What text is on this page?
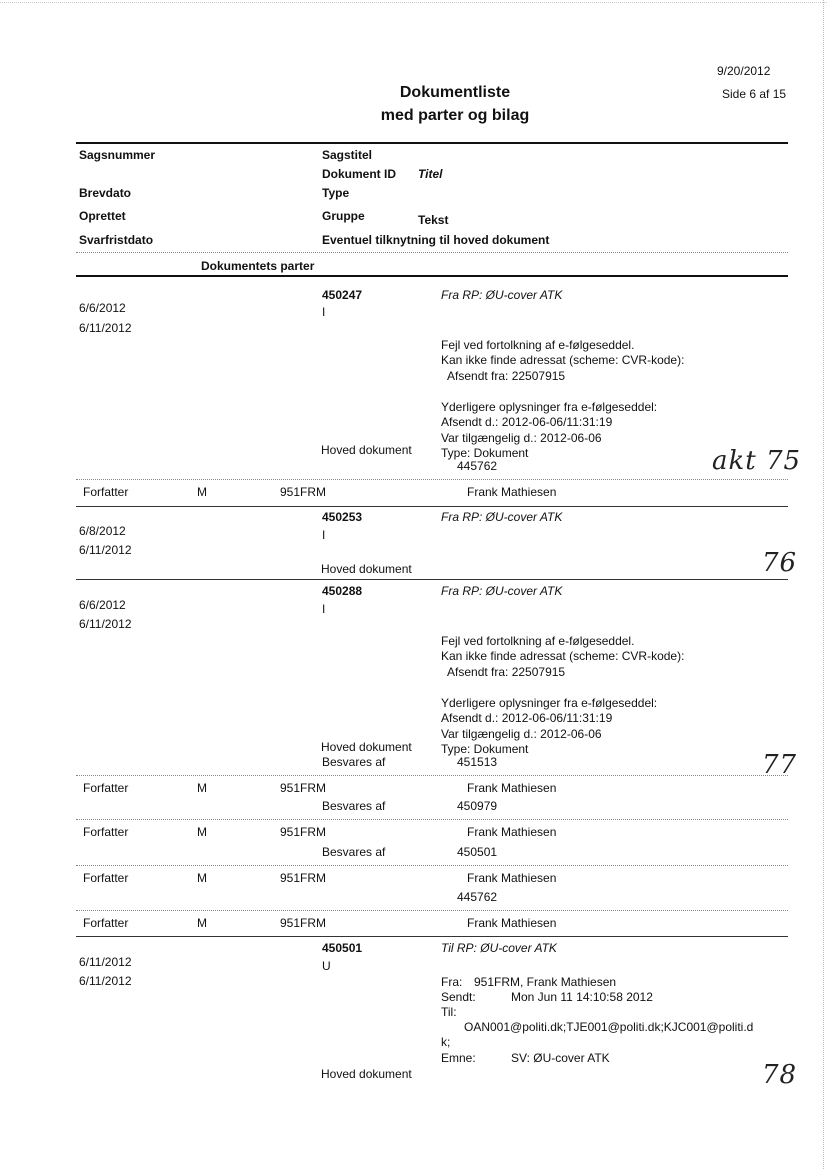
9/20/2012
Side 6 af 15
Dokumentliste
med parter og bilag
Sagsnummer	Sagstitel
Dokument ID Titel
Brevdato	Type
Oprettet	Gruppe	Tekst
Svarfristdato	Eventuel tilknytning til hoved dokument
Dokumentets parter
450247	Fra RP: ØU-cover ATK
6/6/2012	I
6/11/2012

Fejl ved fortolkning af e-følgeseddel.
Kan ikke finde adressat (scheme: CVR-kode):
Afsendt fra: 22507915
Yderligere oplysninger fra e-følgeseddel:
Afsendt d.: 2012-06-06/11:31:19
Var tilgængelig d.: 2012-06-06
Type: Dokument

Hoved dokument
445762	akt 75
Forfatter	M	951FRM	Frank Mathiesen
450253	Fra RP: ØU-cover ATK
6/8/2012	I
6/11/2012
Hoved dokument	76
450288	Fra RP: ØU-cover ATK
6/6/2012	I
6/11/2012

Fejl ved fortolkning af e-følgeseddel.
Kan ikke finde adressat (scheme: CVR-kode):
Afsendt fra: 22507915
Yderligere oplysninger fra e-følgeseddel:
Afsendt d.: 2012-06-06/11:31:19
Var tilgængelig d.: 2012-06-06
Type: Dokument

Hoved dokument
Besvares af	451513	77
Forfatter	M	951FRM	Frank Mathiesen
Besvares af	450979
Forfatter	M	951FRM	Frank Mathiesen
Besvares af	450501
Forfatter	M	951FRM	Frank Mathiesen
445762
Forfatter	M	951FRM	Frank Mathiesen
450501	Til RP: ØU-cover ATK
6/11/2012	U
6/11/2012	Fra: 951FRM, Frank Mathiesen
Sendt:	Mon Jun 11 14:10:58 2012
Til:
OAN001@politi.dk;TJE001@politi.dk;KJC001@politi.d
k;
Emne:	SV: ØU-cover ATK
Hoved dokument	78
